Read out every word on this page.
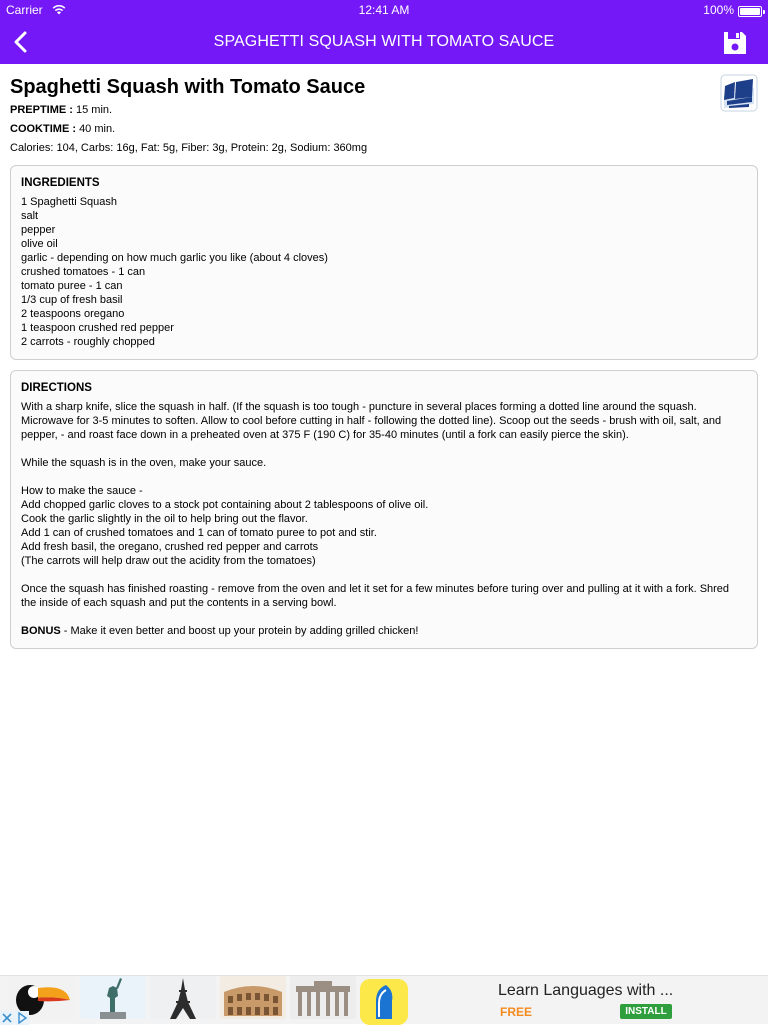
Carrier	12:41 AM	100%
SPAGHETTI SQUASH WITH TOMATO SAUCE
Spaghetti Squash with Tomato Sauce
PREPTIME : 15 min.
COOKTIME : 40 min.
Calories: 104, Carbs: 16g, Fat: 5g, Fiber: 3g, Protein: 2g, Sodium: 360mg
INGREDIENTS
1 Spaghetti Squash
salt
pepper
olive oil
garlic - depending on how much garlic you like (about 4 cloves)
crushed tomatoes - 1 can
tomato puree - 1 can
1/3 cup of fresh basil
2 teaspoons oregano
1 teaspoon crushed red pepper
2 carrots - roughly chopped
DIRECTIONS

With a sharp knife, slice the squash in half. (If the squash is too tough - puncture in several places forming a dotted line around the squash. Microwave for 3-5 minutes to soften. Allow to cool before cutting in half - following the dotted line). Scoop out the seeds - brush with oil, salt, and pepper, - and roast face down in a preheated oven at 375 F (190 C) for 35-40 minutes (until a fork can easily pierce the skin).

While the squash is in the oven, make your sauce.

How to make the sauce -
Add chopped garlic cloves to a stock pot containing about 2 tablespoons of olive oil.
Cook the garlic slightly in the oil to help bring out the flavor.
Add 1 can of crushed tomatoes and 1 can of tomato puree to pot and stir.
Add fresh basil, the oregano, crushed red pepper and carrots
(The carrots will help draw out the acidity from the tomatoes)

Once the squash has finished roasting - remove from the oven and let it set for a few minutes before turing over and pulling at it with a fork. Shred the inside of each squash and put the contents in a serving bowl.

BONUS - Make it even better and boost up your protein by adding grilled chicken!

Learn Languages with ...
FREE	INSTALL
